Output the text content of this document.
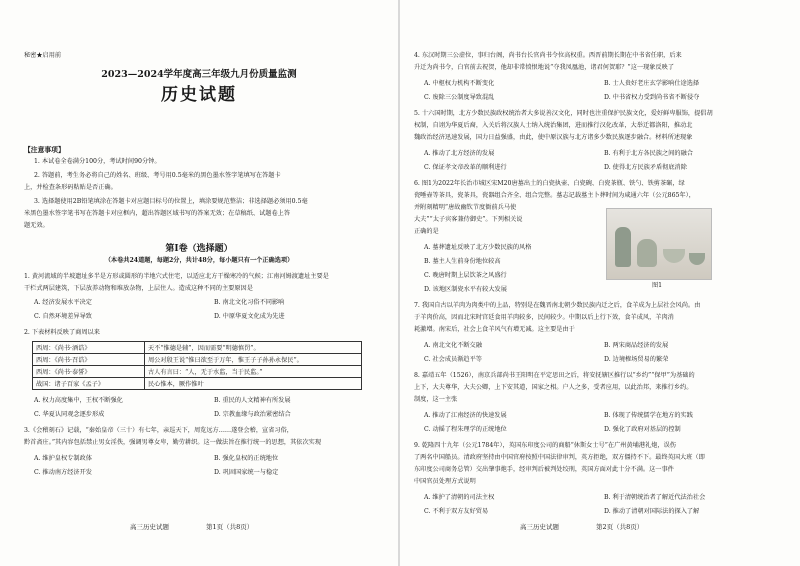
秘密★启用前
2023—2024学年度高三年级九月份质量监测
历史试题
【注意事项】
1. 本试卷全卷满分100分，考试时间90分钟。
2. 答题前，考生务必将自己的姓名、班级、考号用0.5毫米的黑色墨水签字笔填写在答题卡
上，并检查条形码粘贴是否正确。
3. 选择题使用2B铅笔填涂在答题卡对应题目标号的位置上，填涂要规范整洁；非选择题必须用0.5毫
米黑色墨水签字笔书写在答题卡对应框内，超出答题区域书写的答案无效；在草稿纸、试题卷上答
题无效。
第Ⅰ卷（选择题）
（本卷共24道题，每题2分，共计48分，每小题只有一个正确选项）
1. 黄河流域的半坡遗址多半是方形或圆形的半地穴式住宅，以适应北方干燥寒冷的气候；江南河姆渡遗址主要是
干栏式两层建筑，下层放养动物和堆放杂物，上层住人。造成这种不同的主要原因是
A. 经济发展水平决定	B. 南北文化习俗不同影响
C. 自然环境差异导致	D. 中原华夏文化成为先进
2. 下表材料反映了商周以来
西周：《尚书·酒诰》	天不“惟德是辅”，因而需要“明德慎罚”。
西周：《尚书·召诰》	周公对殷王说“惟曰欲至于万年，惟王子子孙孙永保民”。
西周：《尚书·泰誓》	古人有言曰：“人，无于水监，当于民监。”
战国：诸子百家《孟子》	民心惟本，厥作惟叶
A. 权力高度集中，王权不断强化	B. 重民的人文精神有所发展
C. 华夏认同观念逐步形成	D. 宗教血缘与政治紧密结合
3.《会稽刻石》记载，“秦始皇帝（三十）有七年，亲巡天下，周览远方……遂登会稽，宣省习俗，
黔首斋庄。”其内容包括禁止男女淫佚，强调男尊女卑，勤劳耕织。这一做法旨在推行统一的思想，其依次实现
A. 维护皇权专制政体	B. 强化皇权的正统地位
C. 推动南方经济开发	D. 巩固国家统一与稳定
高三历史试题	第1页（共8页）
4. 东汉时期三公虚位，事归台阁，尚书台长官尚书令位高权重。西晋前期长期在中书省任职，后来
升迁为尚书令，白官前去祝贺，他却非常愤恨地说“夺我凤凰池，诸君何贺耶？”这一现象反映了
A. 中枢权力机构不断变化	B. 士人贵好老庄玄学影响仕途选择
C. 废除三公制度导致混乱	D. 中书省权力受到尚书省不断侵夺
5. 十六国时期，北方少数民族政权统治者大多说善汉文化，同时也注重保护民族文化，爱好鲜卑服饰，提倡胡
权制，自诩为华夏后裔，入关后将汉族人士纳入统治集团，进而推行汉化改革，大举迁都洛阳，推动北
魏政治经济迅速发展，国力日益强盛，由此，使中原汉族与北方诸多少数民族逐步融合。材料所述现象
A. 推动了北方经济的发展	B. 有利于北方各民族之间的融合
C. 保证孝文帝改革的顺利进行	D. 使得北方民族矛盾彻底消除
6. 图1为2022年长治市城区宋M20唐墓出土的白瓷执壶、白瓷碗、白瓷茶瓶、铁勺、铁剪茶碾，绿
瓷唾壶等茶具，瓷茶具，瓷器组合齐全、组合完整。墓志记载墓主卜葬时间为咸通六年（公元865年），
并附刻精明“唐故幽钦节度衙前兵马使
大夫”“太子宾客兼侍御史”。下列相关说
正确的是
A. 墓葬遗址反映了北方少数民族的风格
B. 墓主人生前身份地位较高
C. 晚唐时期上层饮茶之风盛行
D. 该地区制瓷水平有较大发展
图1
7. 我国自古以羊肉为肉类中的上品，特别是在魏晋南北朝少数民族内迁之后，食羊成为上层社会风尚。由
于羊肉价高，因而北宋时宫廷食用羊肉较多，民间较少。中期以后上行下效，食羊成风，羊肉消
耗激增。南宋后，社会上食羊风气有增无减。这主要是由于
A. 南北文化不断交融	B. 两宋商品经济的发展
C. 社会成员渐趋平等	D. 边境榷场贸易的繁荣
8. 嘉靖五年（1526），南京兵部尚书王阳明在平定思田之后，将安抚辖区推行以“乡约”“保甲”为基础的
上下，大夫尊华，大夫公卿，上下安其道，国家之相。户人之多，受者应用，以此治邦，来推行乡约。
制度，这一主张
A. 推动了江南经济的快速发展	B. 体现了传统儒学在地方的实践
C. 动摇了程朱理学的正统地位	D. 强化了政府对基层的控制
9. 乾隆四十九年（公元1784年），英国东印度公司的商船“休斯女士号”在广州黄埔港礼炮，误伤
了两名中国船员。清政府坚持由中国官府按照中国法律审判，英方拒绝，双方僵持不下。最终英国大班（即
东印度公司商务总管）交出肇事炮手，经审判后被判处绞刑，英国方面对此十分不满。这一事件
中国官员处理方式说明
A. 维护了清朝的司法主权	B. 利于清朝统治者了解近代法治社会
C. 不利于双方友好贸易	D. 推动了清朝对国际法的探入了解
高三历史试题	第2页（共8页）
